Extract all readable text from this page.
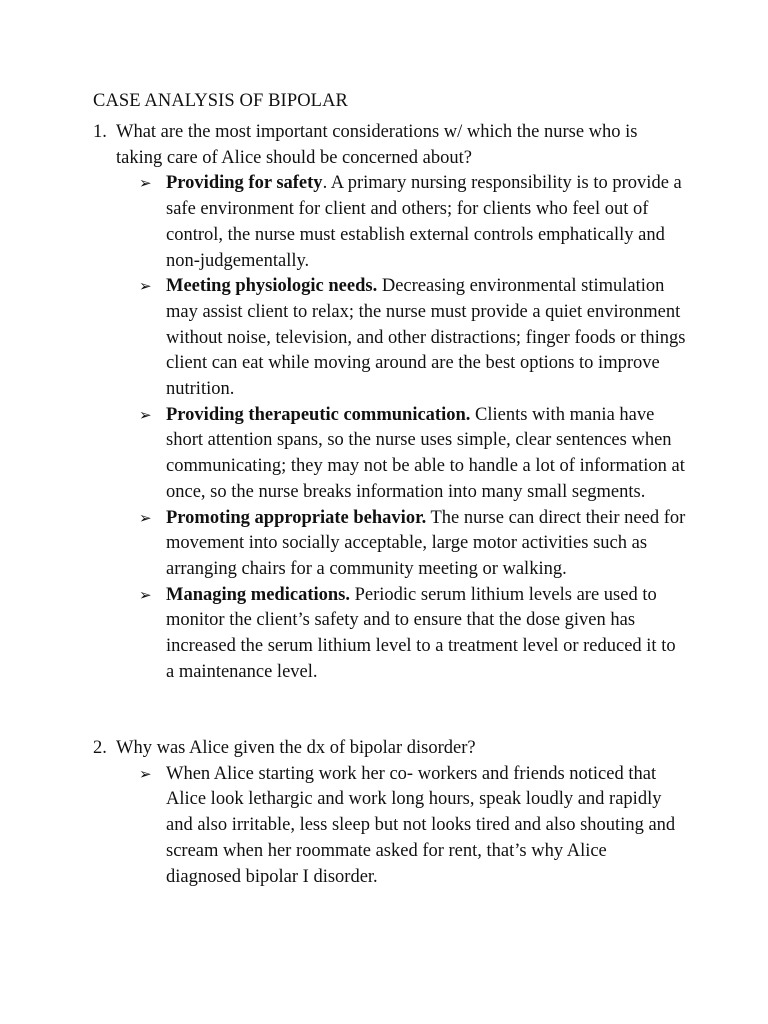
CASE ANALYSIS OF BIPOLAR
1. What are the most important considerations w/ which the nurse who is taking care of Alice should be concerned about?
➢ Providing for safety. A primary nursing responsibility is to provide a safe environment for client and others; for clients who feel out of control, the nurse must establish external controls emphatically and non-judgementally.
➢ Meeting physiologic needs. Decreasing environmental stimulation may assist client to relax; the nurse must provide a quiet environment without noise, television, and other distractions; finger foods or things client can eat while moving around are the best options to improve nutrition.
➢ Providing therapeutic communication. Clients with mania have short attention spans, so the nurse uses simple, clear sentences when communicating; they may not be able to handle a lot of information at once, so the nurse breaks information into many small segments.
➢ Promoting appropriate behavior. The nurse can direct their need for movement into socially acceptable, large motor activities such as arranging chairs for a community meeting or walking.
➢ Managing medications. Periodic serum lithium levels are used to monitor the client’s safety and to ensure that the dose given has increased the serum lithium level to a treatment level or reduced it to a maintenance level.
2. Why was Alice given the dx of bipolar disorder?
➢ When Alice starting work her co- workers and friends noticed that Alice look lethargic and work long hours, speak loudly and rapidly and also irritable, less sleep but not looks tired and also shouting and scream when her roommate asked for rent, that’s why Alice diagnosed bipolar I disorder.
